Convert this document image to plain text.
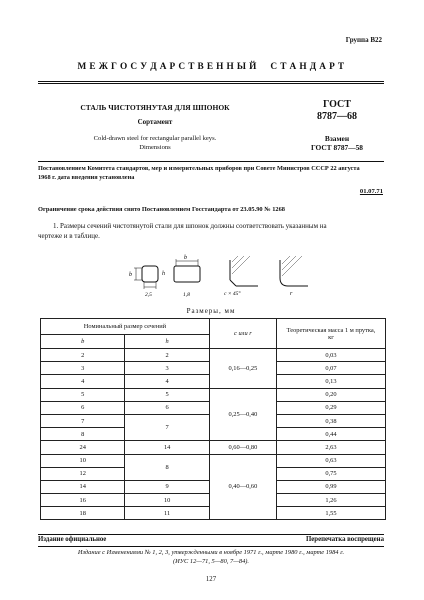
Группа В22
М Е Ж Г О С У Д А Р С Т В Е Н Н Ы Й     С Т А Н Д А Р Т
СТАЛЬ ЧИСТОТЯНУТАЯ ДЛЯ ШПОНОК
Сортамент
Cold-drawn steel for rectangular parallel keys.
Dimensions
ГОСТ
8787—68
Взамен
ГОСТ 8787—58
Постановлением Комитета стандартов, мер и измерительных приборов при Совете Министров СССР 22 августа
1968 г. дата введения установлена
01.07.71
Ограничение срока действия снято Постановлением Госстандарта от 23.05.90 № 1268
1. Размеры сечений чистотянутой стали для шпонок должны соответствовать указанным на
чертеже и в таблице.
b	h
2,5
b
1,8	c × 45°	r
Размеры, мм
Номинальный размер сечений		c или r	Теоретическая масса 1 м прутка, кг
b	h		
2	2	0,16—0,25	0,03
3	3		0,07
4	4		0,13
5	5	0,25—0,40	0,20
6	6		0,29
7	7		0,38
8			0,44
24	14	0,60—0,80	2,63
10	8	0,40—0,60	0,63
12			0,75
14	9		0,99
16	10		1,26
18	11		1,55
Издание официальное	Перепечатка воспрещена
Издание с Изменениями № 1, 2, 3, утвержденными в ноябре 1971 г., марте 1980 г., марте 1984 г.
(ИУС 12—71, 5—80, 7—84).
127
